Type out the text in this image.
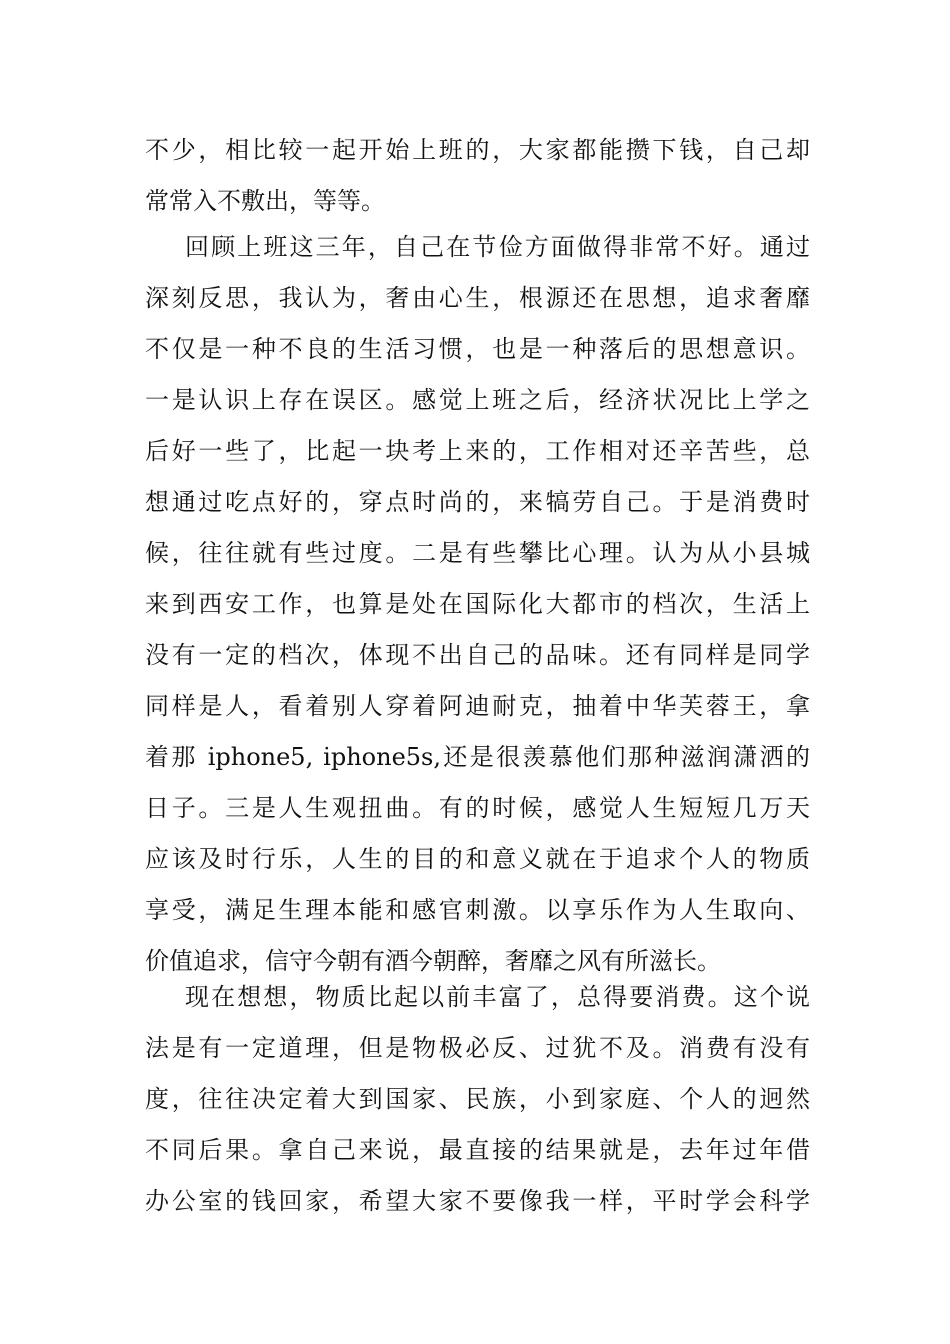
不少，相比较一起开始上班的，大家都能攒下钱，自己却
常常入不敷出，等等。
回顾上班这三年，自己在节俭方面做得非常不好。通过
深刻反思，我认为，奢由心生，根源还在思想，追求奢靡
不仅是一种不良的生活习惯，也是一种落后的思想意识。
一是认识上存在误区。感觉上班之后，经济状况比上学之
后好一些了，比起一块考上来的，工作相对还辛苦些，总
想通过吃点好的，穿点时尚的，来犒劳自己。于是消费时
候，往往就有些过度。二是有些攀比心理。认为从小县城
来到西安工作，也算是处在国际化大都市的档次，生活上
没有一定的档次，体现不出自己的品味。还有同样是同学
同样是人，看着别人穿着阿迪耐克，抽着中华芙蓉王，拿
着那 iphone5, iphone5s,还是很羡慕他们那种滋润潇洒的
日子。三是人生观扭曲。有的时候，感觉人生短短几万天
应该及时行乐，人生的目的和意义就在于追求个人的物质
享受，满足生理本能和感官刺激。以享乐作为人生取向、
价值追求，信守今朝有酒今朝醉，奢靡之风有所滋长。
现在想想，物质比起以前丰富了，总得要消费。这个说
法是有一定道理，但是物极必反、过犹不及。消费有没有
度，往往决定着大到国家、民族，小到家庭、个人的迥然
不同后果。拿自己来说，最直接的结果就是，去年过年借
办公室的钱回家，希望大家不要像我一样，平时学会科学
